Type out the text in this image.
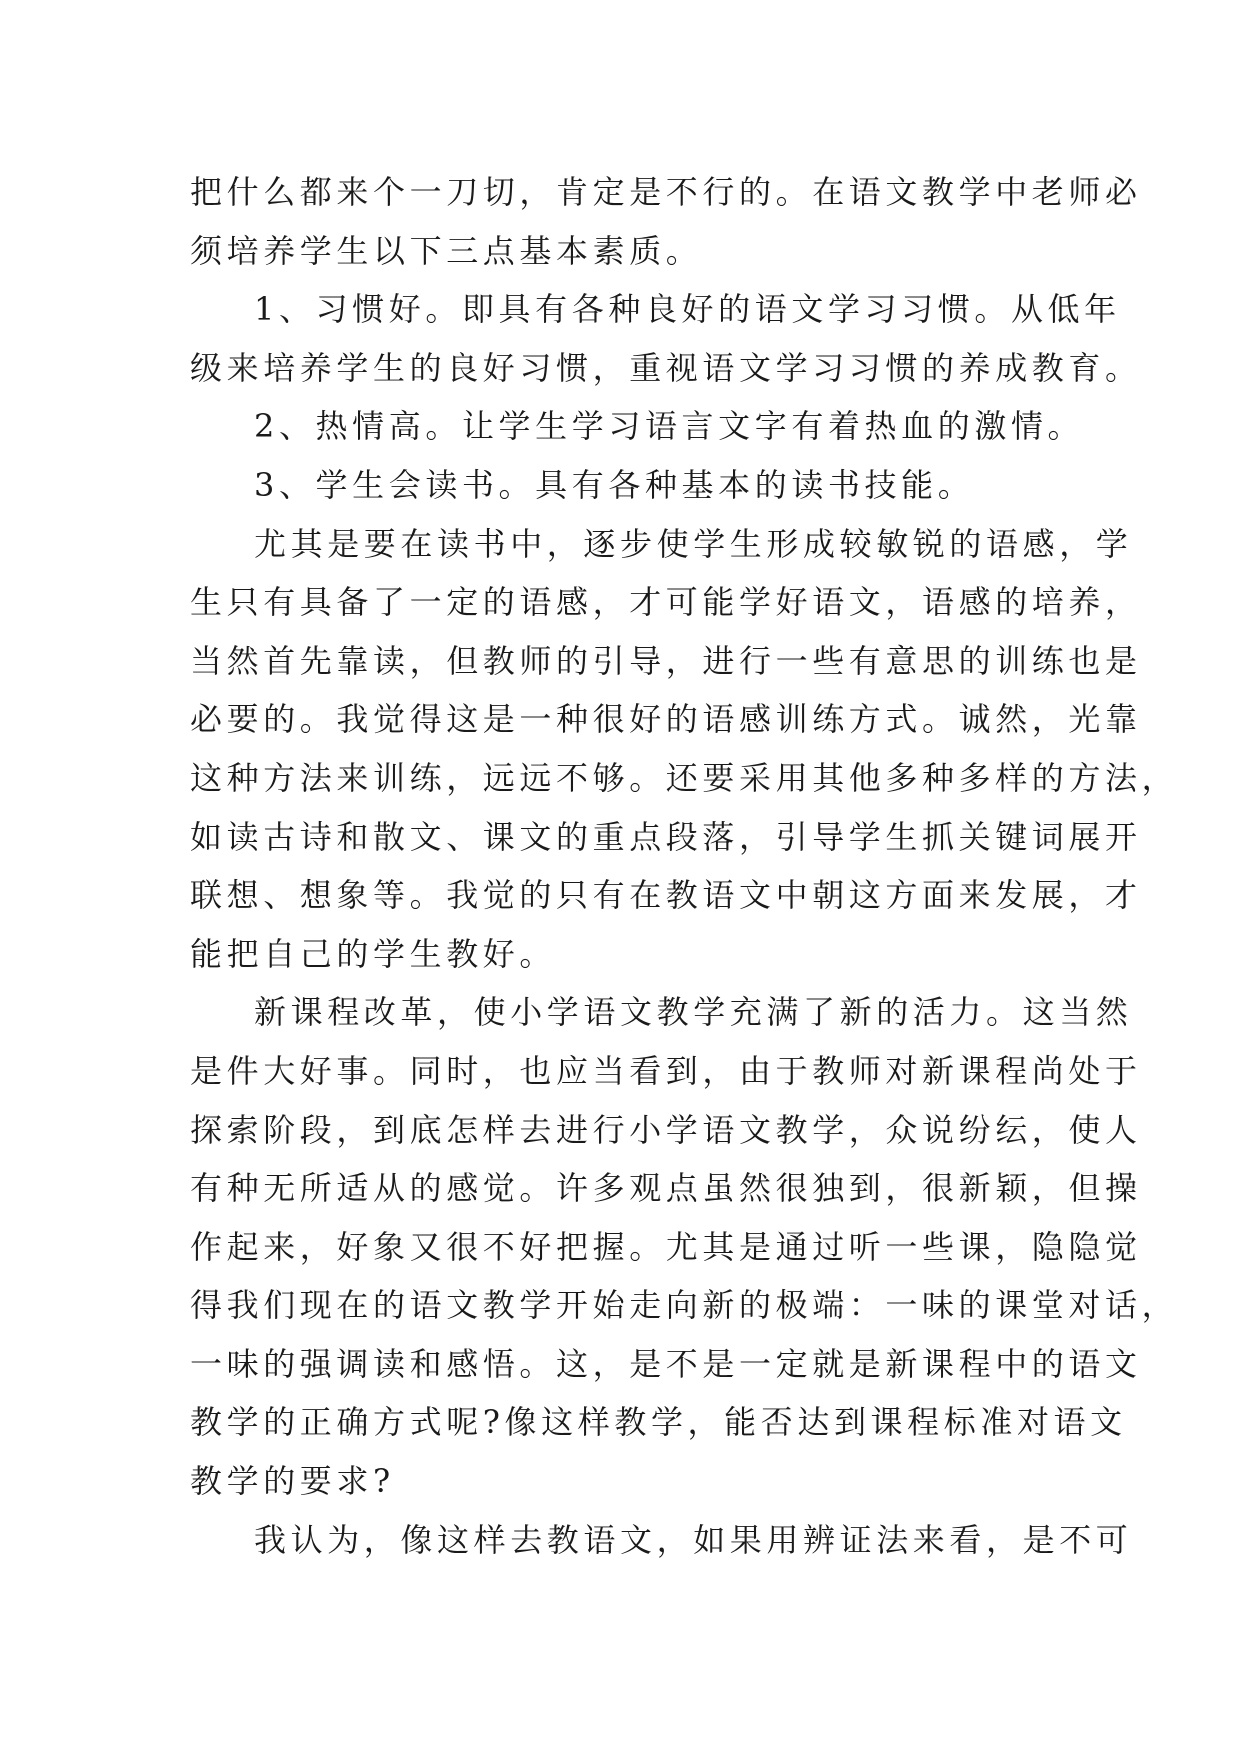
把什么都来个一刀切，肯定是不行的。在语文教学中老师必
须培养学生以下三点基本素质。
1、习惯好。即具有各种良好的语文学习习惯。从低年
级来培养学生的良好习惯，重视语文学习习惯的养成教育。
2、热情高。让学生学习语言文字有着热血的激情。
3、学生会读书。具有各种基本的读书技能。
尤其是要在读书中，逐步使学生形成较敏锐的语感，学
生只有具备了一定的语感，才可能学好语文，语感的培养，
当然首先靠读，但教师的引导，进行一些有意思的训练也是
必要的。我觉得这是一种很好的语感训练方式。诚然，光靠
这种方法来训练，远远不够。还要采用其他多种多样的方法，
如读古诗和散文、课文的重点段落，引导学生抓关键词展开
联想、想象等。我觉的只有在教语文中朝这方面来发展，才
能把自己的学生教好。
新课程改革，使小学语文教学充满了新的活力。这当然
是件大好事。同时，也应当看到，由于教师对新课程尚处于
探索阶段，到底怎样去进行小学语文教学，众说纷纭，使人
有种无所适从的感觉。许多观点虽然很独到，很新颖，但操
作起来，好象又很不好把握。尤其是通过听一些课，隐隐觉
得我们现在的语文教学开始走向新的极端：一味的课堂对话，
一味的强调读和感悟。这，是不是一定就是新课程中的语文
教学的正确方式呢?像这样教学，能否达到课程标准对语文
教学的要求?
我认为，像这样去教语文，如果用辨证法来看，是不可
